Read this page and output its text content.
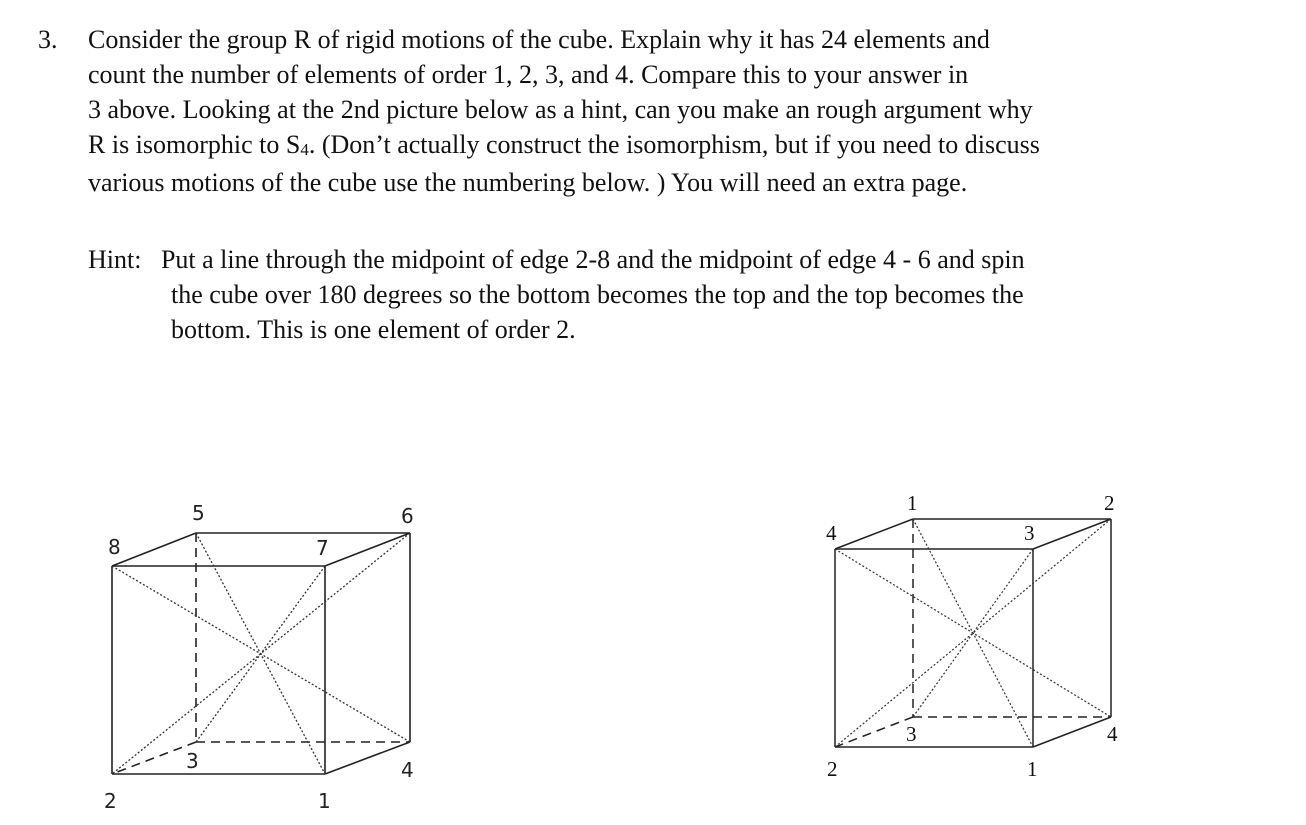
3. Consider the group R of rigid motions of the cube. Explain why it has 24 elements and
count the number of elements of order 1, 2, 3, and 4. Compare this to your answer in
3 above. Looking at the 2nd picture below as a hint, can you make an rough argument why
R is isomorphic to S4. (Don’t actually construct the isomorphism, but if you need to discuss
various motions of the cube use the numbering below. ) You will need an extra page.
Hint: Put a line through the midpoint of edge 2-8 and the midpoint of edge 4 - 6 and spin
the cube over 180 degrees so the bottom becomes the top and the top becomes the
bottom. This is one element of order 2.
5	6
8	7
3
2	1
4
1	2
4	3
3	4
2	1
